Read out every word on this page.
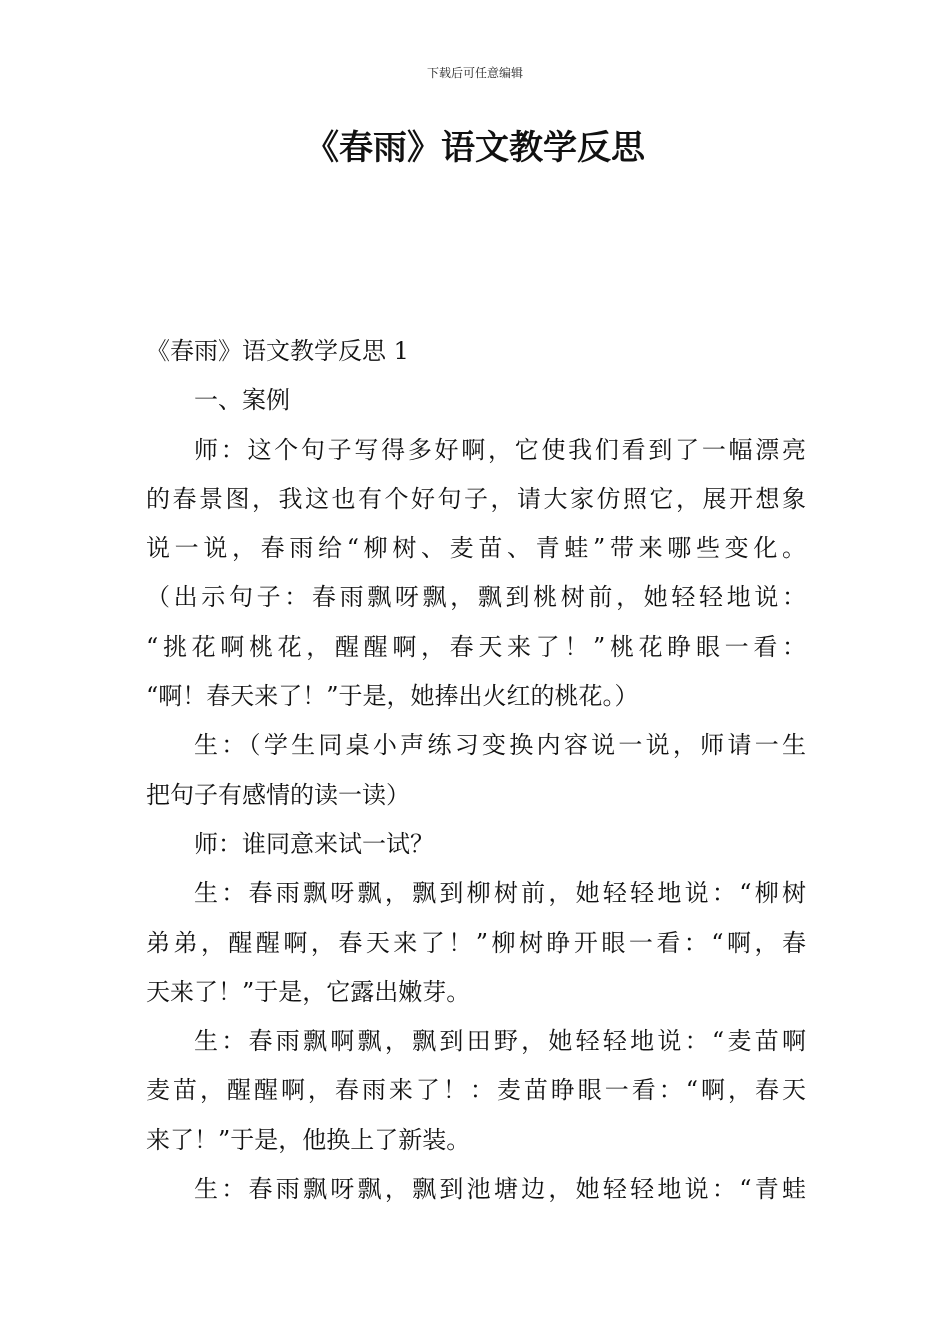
下载后可任意编辑
《春雨》语文教学反思
《春雨》语文教学反思 1
一、案例
师：这个句子写得多好啊，它使我们看到了一幅漂亮
的春景图，我这也有个好句子，请大家仿照它，展开想象
说一说，春雨给“柳树、麦苗、青蛙”带来哪些变化。
（出示句子：春雨飘呀飘，飘到桃树前，她轻轻地说：
“挑花啊桃花，醒醒啊，春天来了！”桃花睁眼一看：
“啊！春天来了！”于是，她捧出火红的桃花。）
生：（学生同桌小声练习变换内容说一说，师请一生
把句子有感情的读一读）
师：谁同意来试一试？
生：春雨飘呀飘，飘到柳树前，她轻轻地说：“柳树
弟弟，醒醒啊，春天来了！”柳树睁开眼一看：“啊，春
天来了！”于是，它露出嫩芽。
生：春雨飘啊飘，飘到田野，她轻轻地说：“麦苗啊
麦苗，醒醒啊，春雨来了！：麦苗睁眼一看：“啊，春天
来了！”于是，他换上了新装。
生：春雨飘呀飘，飘到池塘边，她轻轻地说：“青蛙
